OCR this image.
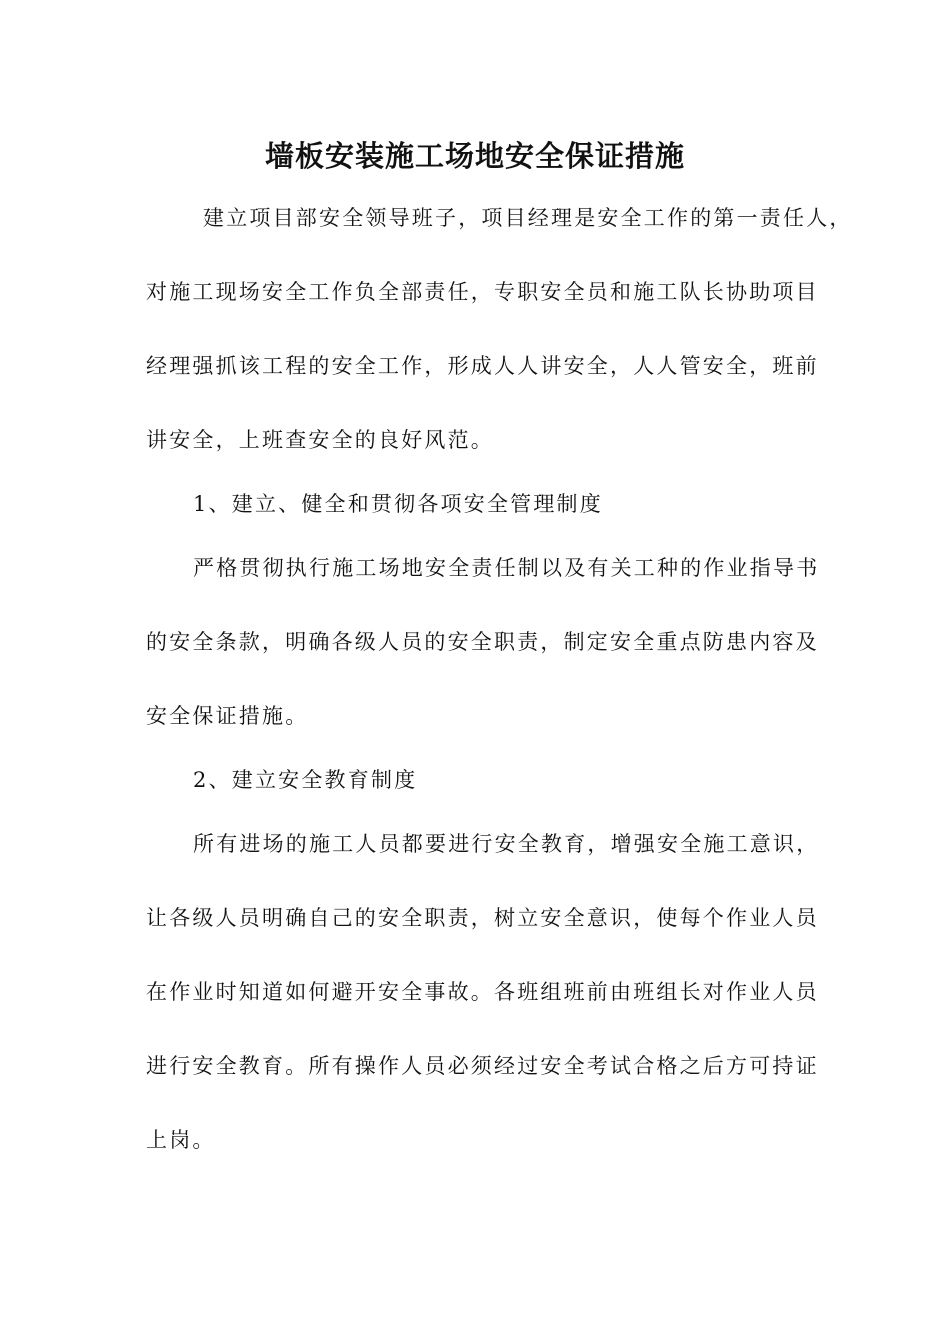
墙板安装施工场地安全保证措施
建立项目部安全领导班子，项目经理是安全工作的第一责任人，
对施工现场安全工作负全部责任，专职安全员和施工队长协助项目
经理强抓该工程的安全工作，形成人人讲安全，人人管安全，班前
讲安全，上班查安全的良好风范。
1、建立、健全和贯彻各项安全管理制度
严格贯彻执行施工场地安全责任制以及有关工种的作业指导书
的安全条款，明确各级人员的安全职责，制定安全重点防患内容及
安全保证措施。
2、建立安全教育制度
所有进场的施工人员都要进行安全教育，增强安全施工意识，
让各级人员明确自己的安全职责，树立安全意识，使每个作业人员
在作业时知道如何避开安全事故。各班组班前由班组长对作业人员
进行安全教育。所有操作人员必须经过安全考试合格之后方可持证
上岗。
